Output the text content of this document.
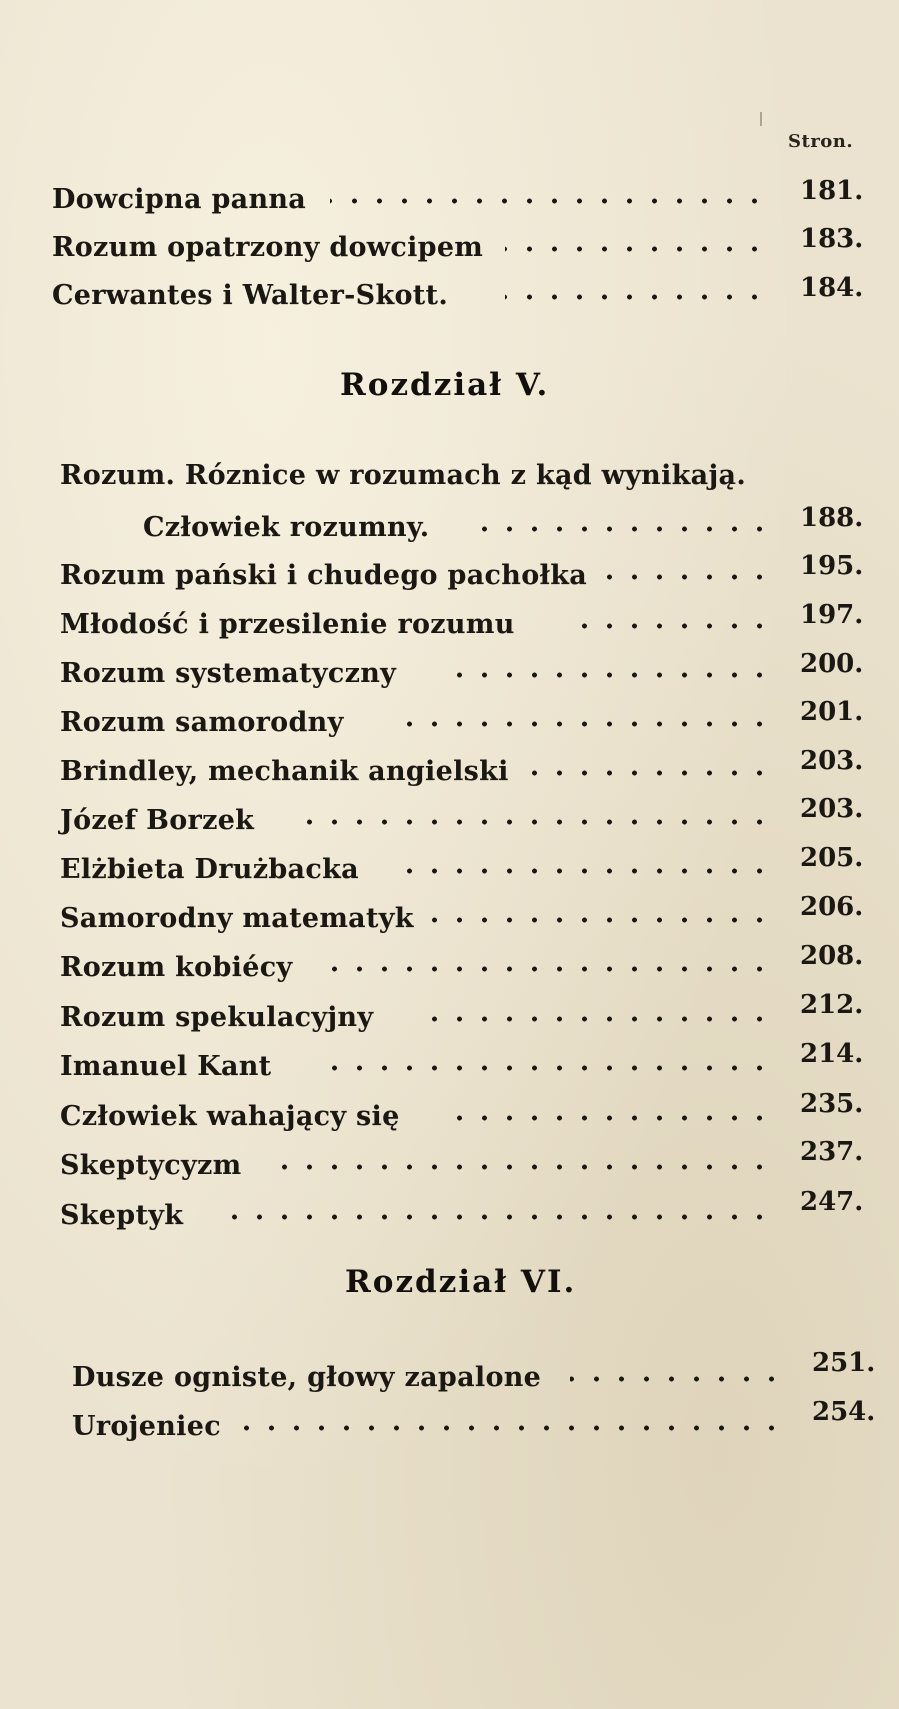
Stron.
Dowcipna panna	181.
Rozum opatrzony dowcipem	183.
Cerwantes i Walter-Skott.	184.
Rozdział V.
Rozum. Róznice w rozumach z kąd wynikają.
Człowiek rozumny.	188.
Rozum pański i chudego pachołka	195.
Młodość i przesilenie rozumu	197.
Rozum systematyczny	200.
Rozum samorodny	201.
Brindley, mechanik angielski	203.
Józef Borzek	203.
Elżbieta Drużbacka	205.
Samorodny matematyk	206.
Rozum kobiécy	208.
Rozum spekulacyjny	212.
Imanuel Kant	214.
Człowiek wahający się	235.
Skeptycyzm	237.
Skeptyk	247.
Rozdział VI.
Dusze ogniste, głowy zapalone	251.
Urojeniec	254.
